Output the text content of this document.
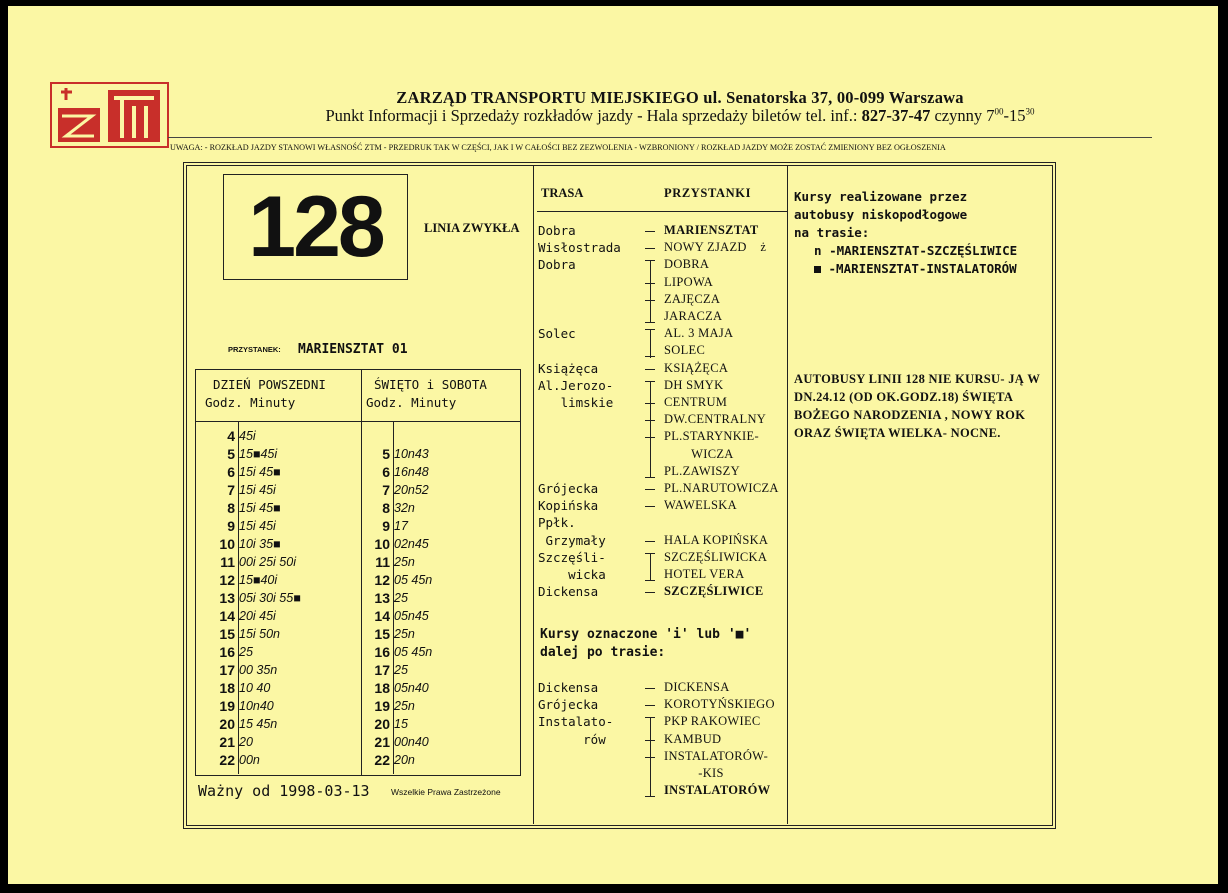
ZARZĄD TRANSPORTU MIEJSKIEGO ul. Senatorska 37, 00-099 Warszawa
Punkt Informacji i Sprzedaży rozkładów jazdy - Hala sprzedaży biletów tel. inf.: 827-37-47 czynny $7^{00}-15^{30}$
UWAGA: - ROZKŁAD JAZDY STANOWI WŁASNOŚĆ ZTM - PRZEDRUK TAK W CZĘŚCI, JAK I W CAŁOŚCI BEZ ZEZWOLENIA - WZBRONIONY / ROZKŁAD JAZDY MOŻE ZOSTAĆ ZMIENIONY BEZ OGŁOSZENIA
128	LINIA ZWYKŁA
PRZYSTANEK: MARIENSZTAT 01
DZIEŃ POWSZEDNI
Godz. Minuty
ŚWIĘTO i SOBOTA
Godz. Minuty
4 45i
5 15■45i
6 15i 45■
7 15i 45i
8 15i 45■
9 15i 45i
10 10i 35■
11 00i 25i 50i
12 15■40i
13 05i 30i 55■
14 20i 45i
15 15i 50n
16 25
17 00 35n
18 10 40
19 10n40
20 15 45n
21 20
22 00n
5 10n43
6 16n48
7 20n52
8 32n
9 17
10 02n45
11 25n
12 05 45n
13 25
14 05n45
15 25n
16 05 45n
17 25
18 05n40
19 25n
20 15
21 00n40
22 20n
Ważny od 1998-03-13	Wszelkie Prawa Zastrzeżone
TRASA	PRZYSTANKI
Dobra	MARIENSZTAT
Wisłostrada	NOWY ZJAZD    ż
Dobra	DOBRA
LIPOWA
ZAJĘCZA
JARACZA
Solec	AL. 3 MAJA
SOLEC
Książęca	KSIĄŻĘCA
Al.Jerozo-	DH SMYK
limskie	CENTRUM
DW.CENTRALNY
PL.STARYNKIE-
WICZA
PL.ZAWISZY
Grójecka	PL.NARUTOWICZA
Kopińska	WAWELSKA
Ppłk.
Grzymały	HALA KOPIŃSKA
Szczęśli-	SZCZĘŚLIWICKA
wicka	HOTEL VERA
Dickensa	SZCZĘŚLIWICE
Kursy oznaczone 'i' lub '■'
dalej po trasie:
Dickensa	DICKENSA
Grójecka	KOROTYŃSKIEGO
Instalato-	PKP RAKOWIEC
rów	KAMBUD
INSTALATORÓW-
-KIS
INSTALATORÓW
Kursy realizowane przez
autobusy niskopodłogowe
na trasie:
n -MARIENSZTAT-SZCZĘŚLIWICE
-MARIENSZTAT-INSTALATORÓW
AUTOBUSY LINII 128 NIE KURSU- JĄ W DN.24.12 (OD OK.GODZ.18) ŚWIĘTA BOŻEGO NARODZENIA , NOWY ROK ORAZ ŚWIĘTA WIELKA- NOCNE.
